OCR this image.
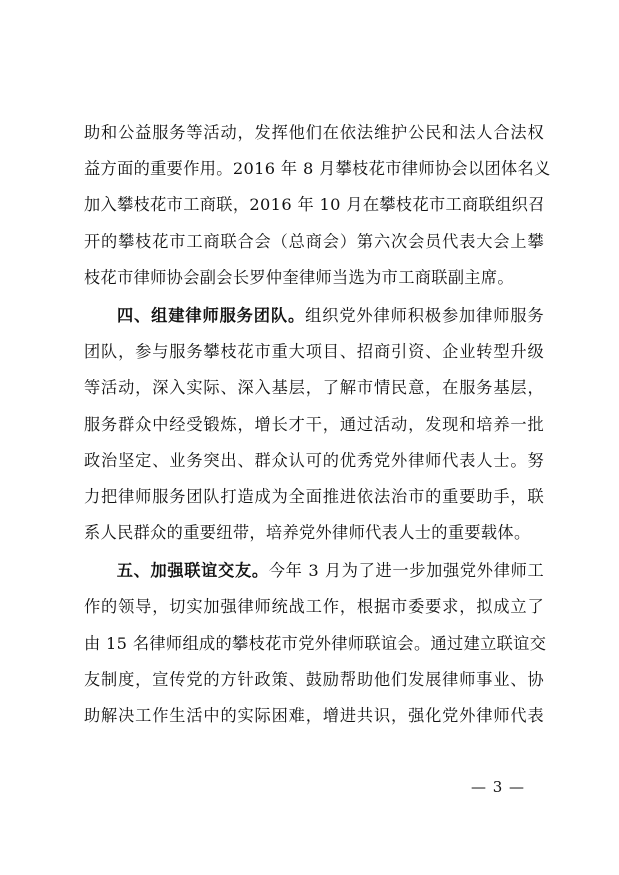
助和公益服务等活动，发挥他们在依法维护公民和法人合法权
益方面的重要作用。2016 年 8 月攀枝花市律师协会以团体名义
加入攀枝花市工商联，2016 年 10 月在攀枝花市工商联组织召
开的攀枝花市工商联合会（总商会）第六次会员代表大会上攀
枝花市律师协会副会长罗仲奎律师当选为市工商联副主席。
四、组建律师服务团队。组织党外律师积极参加律师服务
团队，参与服务攀枝花市重大项目、招商引资、企业转型升级
等活动，深入实际、深入基层，了解市情民意，在服务基层，
服务群众中经受锻炼，增长才干，通过活动，发现和培养一批
政治坚定、业务突出、群众认可的优秀党外律师代表人士。努
力把律师服务团队打造成为全面推进依法治市的重要助手，联
系人民群众的重要纽带，培养党外律师代表人士的重要载体。
五、加强联谊交友。今年 3 月为了进一步加强党外律师工
作的领导，切实加强律师统战工作，根据市委要求，拟成立了
由 15 名律师组成的攀枝花市党外律师联谊会。通过建立联谊交
友制度，宣传党的方针政策、鼓励帮助他们发展律师事业、协
助解决工作生活中的实际困难，增进共识，强化党外律师代表
— 3 —
